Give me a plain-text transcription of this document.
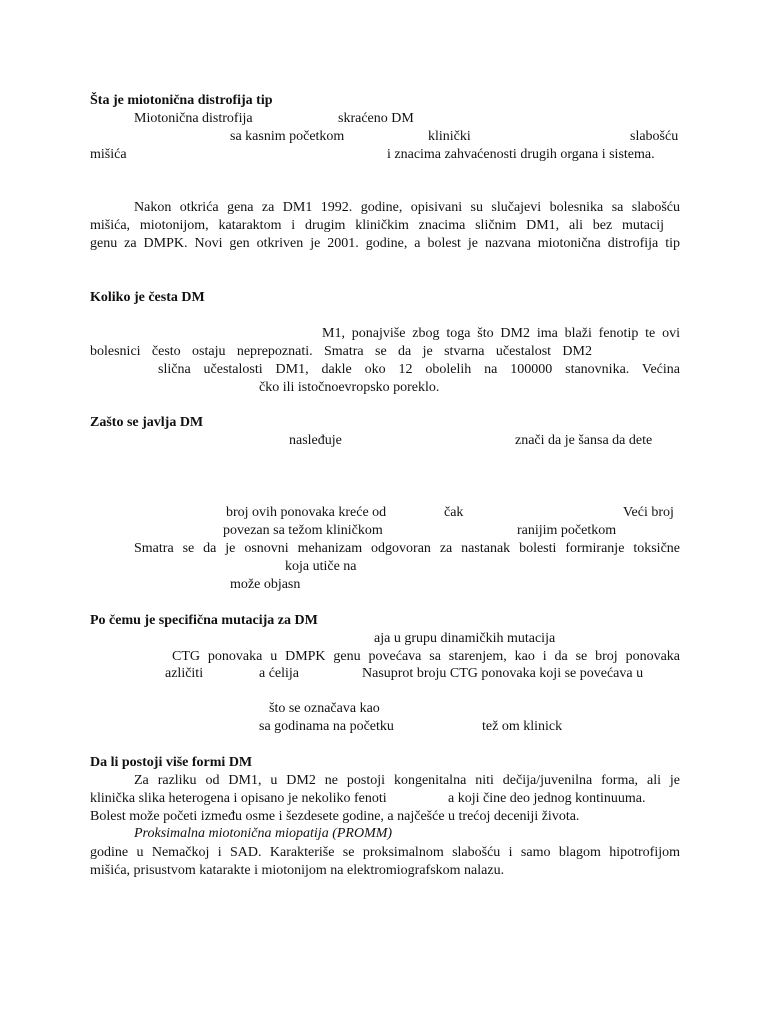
Šta je miotonična distrofija tip
Miotonična distrofija	skraćeno DM
sa kasnim početkom	klinički	slabošću
mišića	i znacima zahvaćenosti drugih organa i sistema.
Nakon otkrića gena za DM1 1992. godine, opisivani su slučajevi bolesnika sa slabošću
mišića, miotonijom, kataraktom i drugim kliničkim znacima sličnim DM1, ali bez mutacij
genu za DMPK. Novi gen otkriven je 2001. godine, a bolest je nazvana miotonična distrofija tip
Koliko je česta DM
M1, ponajviše zbog toga što DM2 ima blaži fenotip te ovi
bolesnici često ostaju neprepoznati. Smatra se da je stvarna učestalost DM2
slična učestalosti DM1, dakle oko 12 obolelih na 100000 stanovnika. Većina
čko ili istočnoevropsko poreklo.
Zašto se javlja DM
nasleđuje	znači da je šansa da dete
broj ovih ponovaka kreće od	čak	Veći broj
povezan sa težom kliničkom	ranijim početkom
Smatra se da je osnovni mehanizam odgovoran za nastanak bolesti formiranje toksične
koja utiče na
može objasn
Po čemu je specifična mutacija za DM
aja u grupu dinamičkih mutacija
CTG ponovaka u DMPK genu povećava sa starenjem, kao i da se broj ponovaka
azličiti	a ćelija	Nasuprot broju CTG ponovaka koji se povećava u
što se označava kao
sa godinama na početku	tež om klinick
Da li postoji više formi DM
Za razliku od DM1, u DM2 ne postoji kongenitalna niti dečija/juvenilna forma, ali je
klinička slika heterogena i opisano je nekoliko fenoti	a koji čine deo jednog kontinuuma.
Bolest može početi između osme i šezdesete godine, a najčešće u trećoj deceniji života.
Proksimalna miotonična miopatija (PROMM)
godine u Nemačkoj i SAD. Karakteriše se proksimalnom slabošću i samo blagom hipotrofijom
mišića, prisustvom katarakte i miotonijom na elektromiografskom nalazu.
